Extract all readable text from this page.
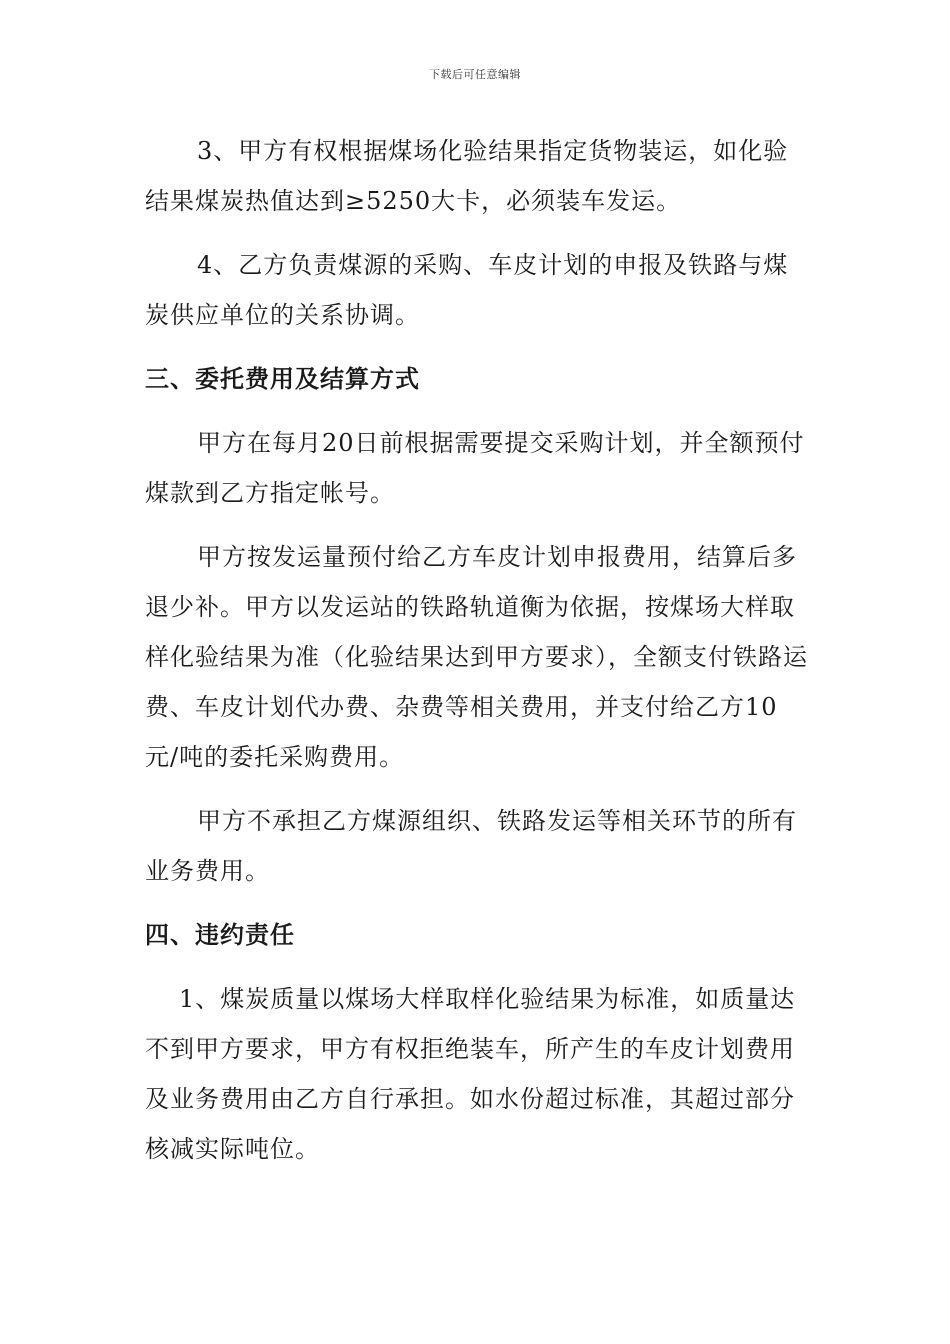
下载后可任意编辑

3、甲方有权根据煤场化验结果指定货物装运，如化验结果煤炭热值达到≥5250大卡，必须装车发运。

4、乙方负责煤源的采购、车皮计划的申报及铁路与煤炭供应单位的关系协调。

三、委托费用及结算方式

甲方在每月20日前根据需要提交采购计划，并全额预付煤款到乙方指定帐号。

甲方按发运量预付给乙方车皮计划申报费用，结算后多退少补。甲方以发运站的铁路轨道衡为依据，按煤场大样取样化验结果为准（化验结果达到甲方要求），全额支付铁路运费、车皮计划代办费、杂费等相关费用，并支付给乙方10元/吨的委托采购费用。

甲方不承担乙方煤源组织、铁路发运等相关环节的所有业务费用。

四、违约责任

1、煤炭质量以煤场大样取样化验结果为标准，如质量达不到甲方要求，甲方有权拒绝装车，所产生的车皮计划费用及业务费用由乙方自行承担。如水份超过标准，其超过部分核减实际吨位。
